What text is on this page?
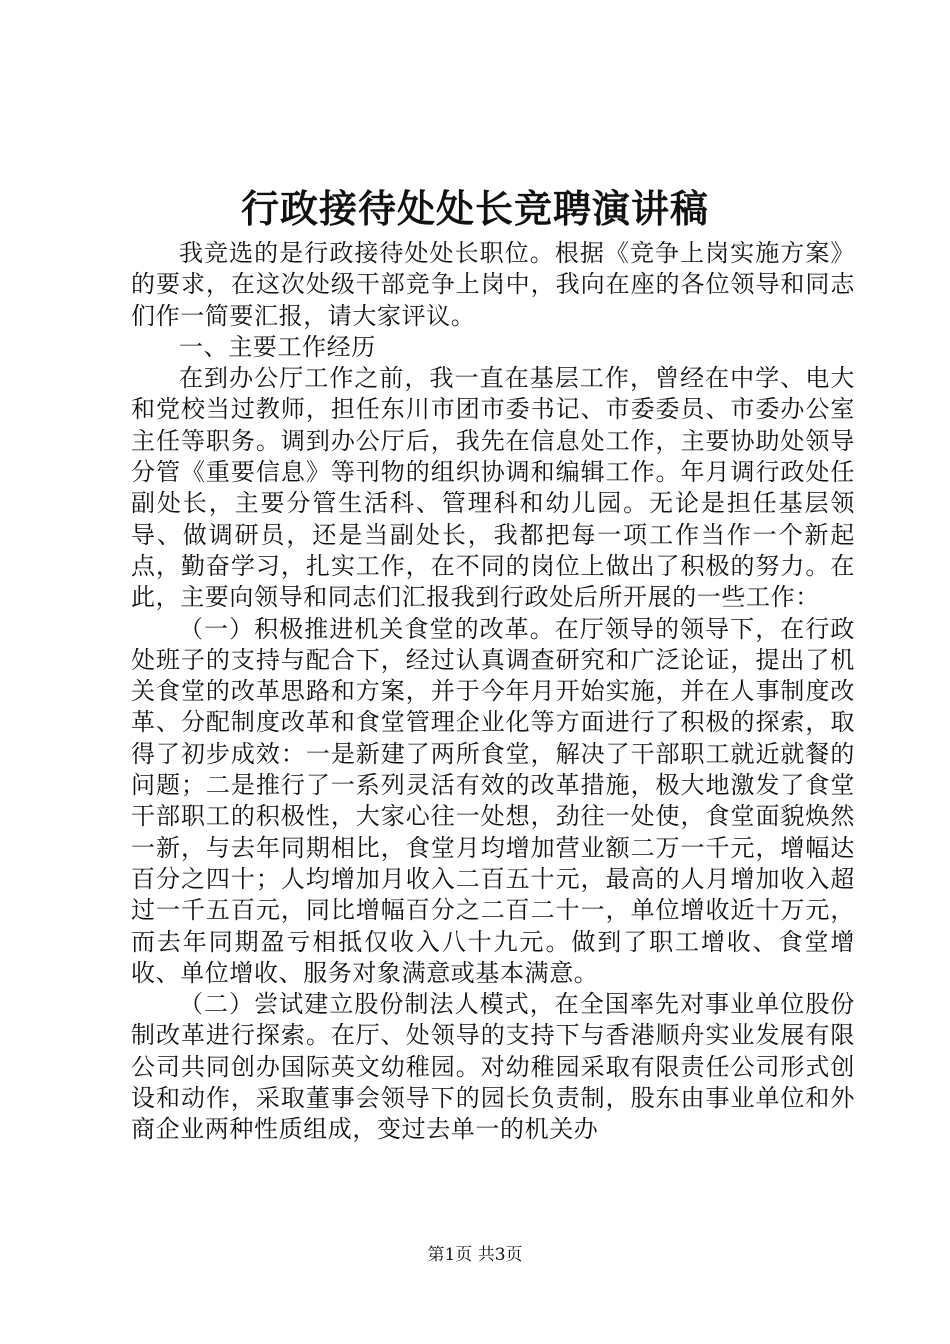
行政接待处处长竞聘演讲稿

我竞选的是行政接待处处长职位。根据《竞争上岗实施方案》的要求，在这次处级干部竞争上岗中，我向在座的各位领导和同志们作一简要汇报，请大家评议。

一、主要工作经历

在到办公厅工作之前，我一直在基层工作，曾经在中学、电大和党校当过教师，担任东川市团市委书记、市委委员、市委办公室主任等职务。调到办公厅后，我先在信息处工作，主要协助处领导分管《重要信息》等刊物的组织协调和编辑工作。年月调行政处任副处长，主要分管生活科、管理科和幼儿园。无论是担任基层领导、做调研员，还是当副处长，我都把每一项工作当作一个新起点，勤奋学习，扎实工作，在不同的岗位上做出了积极的努力。在此，主要向领导和同志们汇报我到行政处后所开展的一些工作：

（一）积极推进机关食堂的改革。在厅领导的领导下，在行政处班子的支持与配合下，经过认真调查研究和广泛论证，提出了机关食堂的改革思路和方案，并于今年月开始实施，并在人事制度改革、分配制度改革和食堂管理企业化等方面进行了积极的探索，取得了初步成效：一是新建了两所食堂，解决了干部职工就近就餐的问题；二是推行了一系列灵活有效的改革措施，极大地激发了食堂干部职工的积极性，大家心往一处想，劲往一处使，食堂面貌焕然一新，与去年同期相比，食堂月均增加营业额二万一千元，增幅达百分之四十；人均增加月收入二百五十元，最高的人月增加收入超过一千五百元，同比增幅百分之二百二十一，单位增收近十万元，而去年同期盈亏相抵仅收入八十九元。做到了职工增收、食堂增收、单位增收、服务对象满意或基本满意。

（二）尝试建立股份制法人模式，在全国率先对事业单位股份制改革进行探索。在厅、处领导的支持下与香港顺舟实业发展有限公司共同创办国际英文幼稚园。对幼稚园采取有限责任公司形式创设和动作，采取董事会领导下的园长负责制，股东由事业单位和外商企业两种性质组成，变过去单一的机关办

第1页 共3页
